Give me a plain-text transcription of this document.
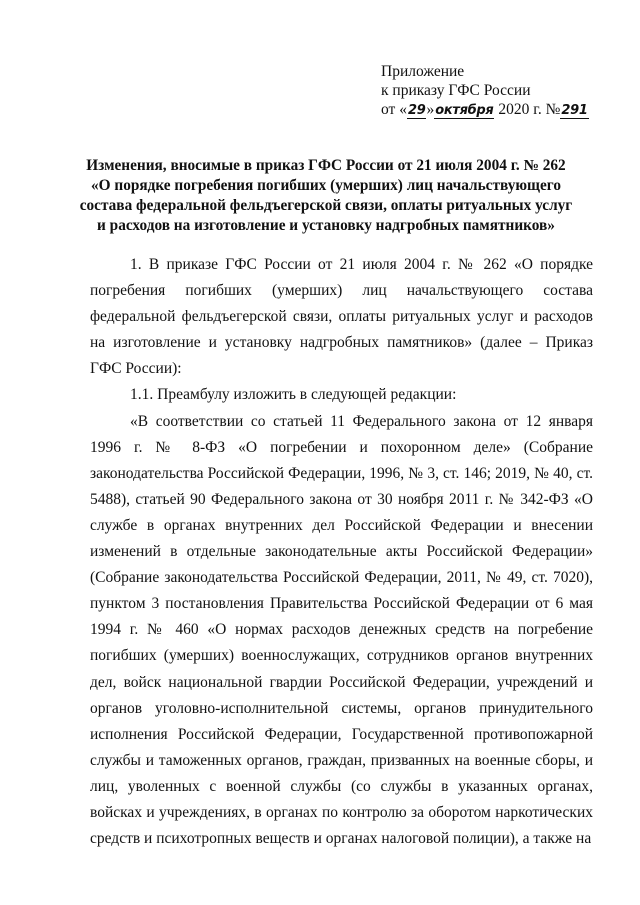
Приложение
к приказу ГФС России
от «29»октября 2020 г. №291
Изменения, вносимые в приказ ГФС России от 21 июля 2004 г. № 262
«О порядке погребения погибших (умерших) лиц начальствующего
состава федеральной фельдъегерской связи, оплаты ритуальных услуг
и расходов на изготовление и установку надгробных памятников»

1. В приказе ГФС России от 21 июля 2004 г. № 262 «О порядке погребения погибших (умерших) лиц начальствующего состава федеральной фельдъегерской связи, оплаты ритуальных услуг и расходов на изготовление и установку надгробных памятников» (далее – Приказ ГФС России):

1.1. Преамбулу изложить в следующей редакции:

«В соответствии со статьей 11 Федерального закона от 12 января 1996 г. № 8-ФЗ «О погребении и похоронном деле» (Собрание законодательства Российской Федерации, 1996, № 3, ст. 146; 2019, № 40, ст. 5488), статьей 90 Федерального закона от 30 ноября 2011 г. № 342-ФЗ «О службе в органах внутренних дел Российской Федерации и внесении изменений в отдельные законодательные акты Российской Федерации» (Собрание законодательства Российской Федерации, 2011, № 49, ст. 7020), пунктом 3 постановления Правительства Российской Федерации от 6 мая 1994 г. № 460 «О нормах расходов денежных средств на погребение погибших (умерших) военнослужащих, сотрудников органов внутренних дел, войск национальной гвардии Российской Федерации, учреждений и органов уголовно-исполнительной системы, органов принудительного исполнения Российской Федерации, Государственной противопожарной службы и таможенных органов, граждан, призванных на военные сборы, и лиц, уволенных с военной службы (со службы в указанных органах, войсках и учреждениях, в органах по контролю за оборотом наркотических средств и психотропных веществ и органах налоговой полиции), а также на
